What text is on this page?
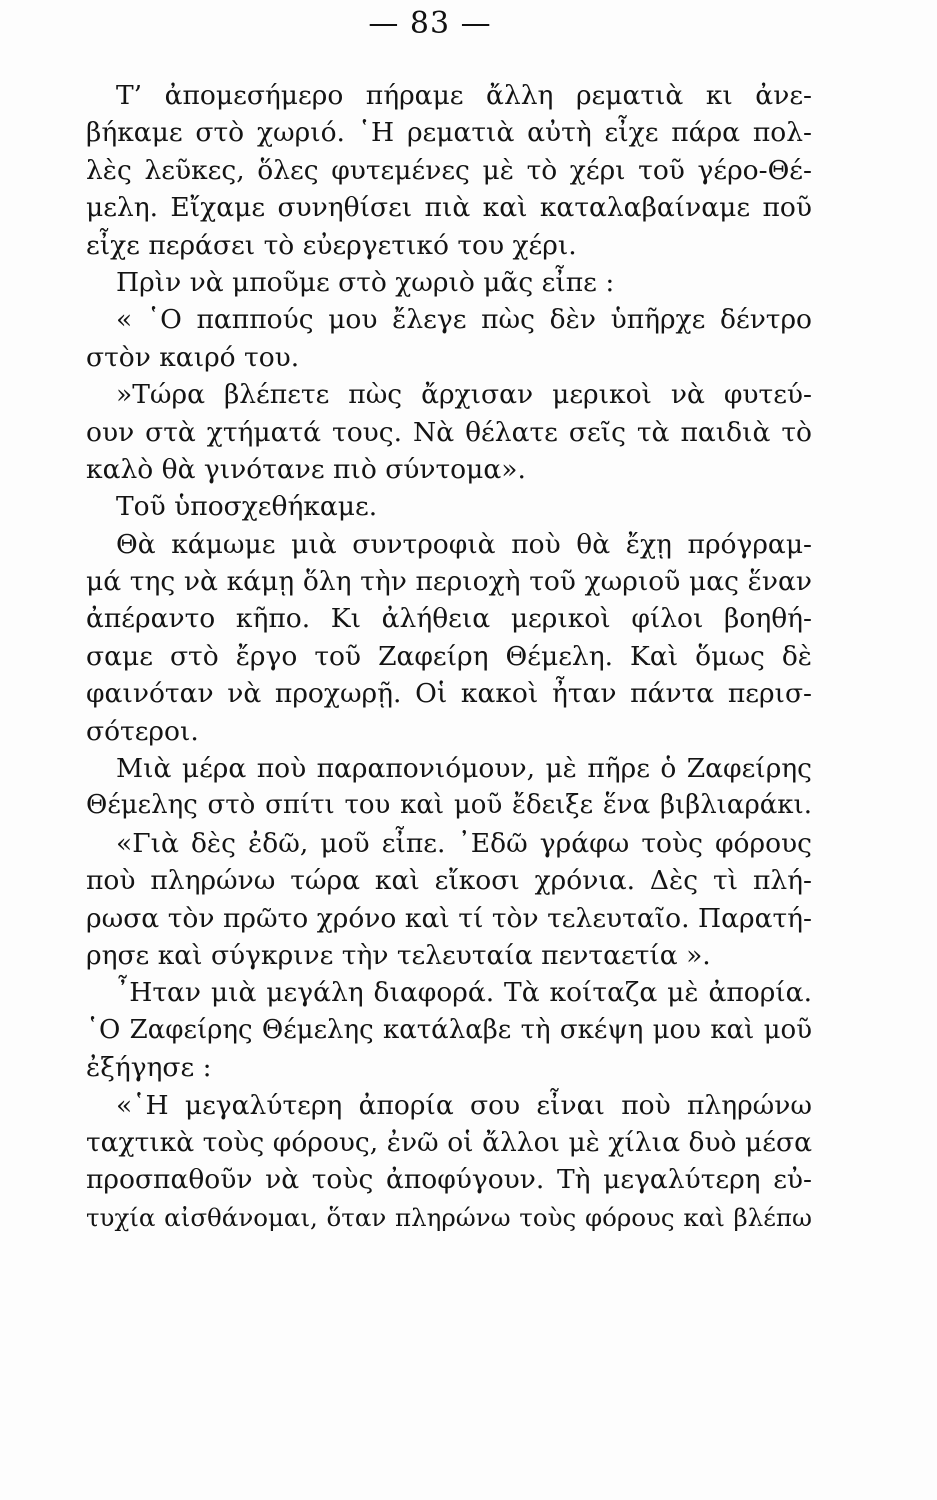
— 83 —
Τ’ ἀπομεσήμερο πήραμε ἄλλη ρεματιὰ κι ἀνε-
βήκαμε στὸ χωριό. ῾Η ρεματιὰ αὐτὴ εἶχε πάρα πολ-
λὲς λεῦκες, ὅλες φυτεμένες μὲ τὸ χέρι τοῦ γέρο-Θέ-
μελη. Εἴχαμε συνηθίσει πιὰ καὶ καταλαβαίναμε ποῦ
εἶχε περάσει τὸ εὐεργετικό του χέρι.
Πρὶν νὰ μποῦμε στὸ χωριὸ μᾶς εἶπε :
« ῾Ο παππούς μου ἔλεγε πὼς δὲν ὑπῆρχε δέντρο
στὸν καιρό του.
»Τώρα βλέπετε πὼς ἄρχισαν μερικοὶ νὰ φυτεύ-
ουν στὰ χτήματά τους. Νὰ θέλατε σεῖς τὰ παιδιὰ τὸ
καλὸ θὰ γινότανε πιὸ σύντομα».
Τοῦ ὑποσχεθήκαμε.
Θὰ κάμωμε μιὰ συντροφιὰ ποὺ θὰ ἔχῃ πρόγραμ-
μά της νὰ κάμῃ ὅλη τὴν περιοχὴ τοῦ χωριοῦ μας ἕναν
ἀπέραντο κῆπο. Κι ἀλήθεια μερικοὶ φίλοι βοηθή-
σαμε στὸ ἔργο τοῦ Ζαφείρη Θέμελη. Καὶ ὅμως δὲ
φαινόταν νὰ προχωρῇ. Οἱ κακοὶ ἦταν πάντα περισ-
σότεροι.
Μιὰ μέρα ποὺ παραπονιόμουν, μὲ πῆρε ὁ Ζαφείρης
Θέμελης στὸ σπίτι του καὶ μοῦ ἔδειξε ἕνα βιβλιαράκι.
«Γιὰ δὲς ἐδῶ, μοῦ εἶπε. ᾿Εδῶ γράφω τοὺς φόρους
ποὺ πληρώνω τώρα καὶ εἴκοσι χρόνια. Δὲς τὶ πλή-
ρωσα τὸν πρῶτο χρόνο καὶ τί τὸν τελευταῖο. Παρατή-
ρησε καὶ σύγκρινε τὴν τελευταία πενταετία ».
῏Ηταν μιὰ μεγάλη διαφορά. Τὰ κοίταζα μὲ ἀπορία.
῾Ο Ζαφείρης Θέμελης κατάλαβε τὴ σκέψη μου καὶ μοῦ
ἐξήγησε :
«῾Η μεγαλύτερη ἀπορία σου εἶναι ποὺ πληρώνω
ταχτικὰ τοὺς φόρους, ἐνῶ οἱ ἄλλοι μὲ χίλια δυὸ μέσα
προσπαθοῦν νὰ τοὺς ἀποφύγουν. Τὴ μεγαλύτερη εὐ-
τυχία αἰσθάνομαι, ὅταν πληρώνω τοὺς φόρους καὶ βλέπω
